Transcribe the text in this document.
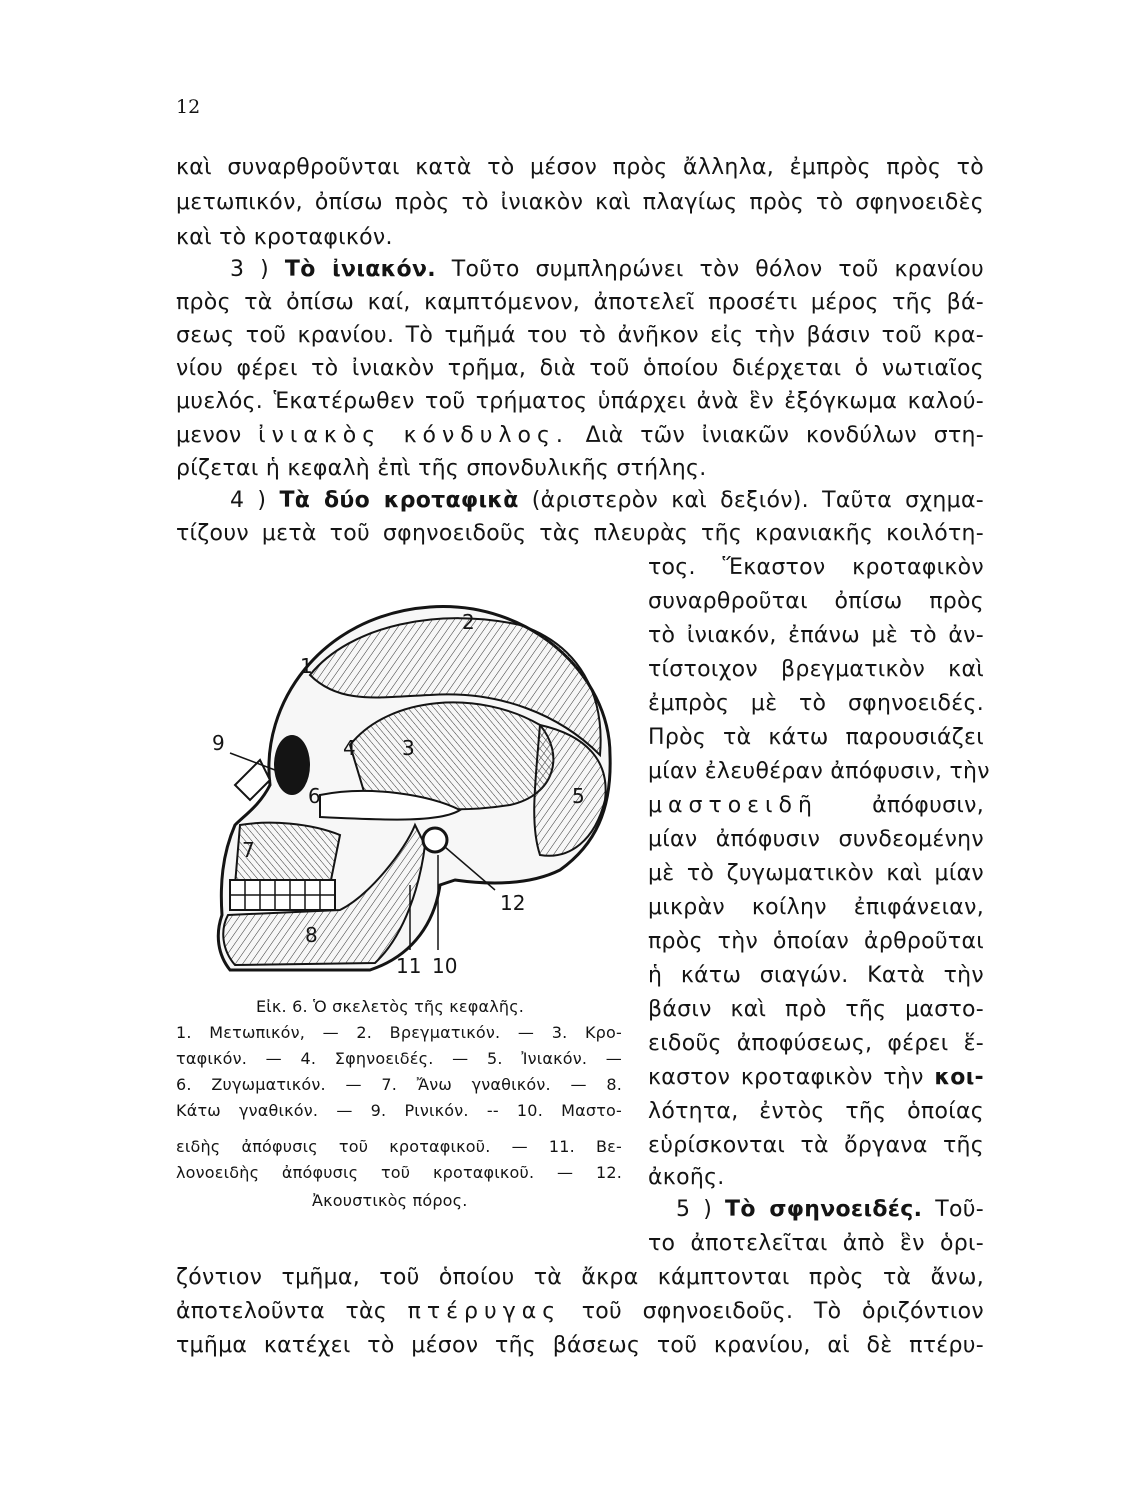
12
καὶ συναρθροῦνται κατὰ τὸ μέσον πρὸς ἄλληλα, ἐμπρὸς πρὸς τὸ
μετωπικόν, ὀπίσω πρὸς τὸ ἰνιακὸν καὶ πλαγίως πρὸς τὸ σφηνοειδὲς
καὶ τὸ κροταφικόν.
3 ) Τὸ ἰνιακόν. Τοῦτο συμπληρώνει τὸν θόλον τοῦ κρανίου
πρὸς τὰ ὀπίσω καί, καμπτόμενον, ἀποτελεῖ προσέτι μέρος τῆς βά-
σεως τοῦ κρανίου. Τὸ τμῆμά του τὸ ἀνῆκον εἰς τὴν βάσιν τοῦ κρα-
νίου φέρει τὸ ἰνιακὸν τρῆμα, διὰ τοῦ ὁποίου διέρχεται ὁ νωτιαῖος
μυελός. Ἑκατέρωθεν τοῦ τρήματος ὑπάρχει ἀνὰ ἓν ἐξόγκωμα καλού-
μενον ἰνιακὸς κόνδυλος. Διὰ τῶν ἰνιακῶν κονδύλων στη-
ρίζεται ἡ κεφαλὴ ἐπὶ τῆς σπονδυλικῆς στήλης.
4 ) Τὰ δύο κροταφικὰ (ἀριστερὸν καὶ δεξιόν). Ταῦτα σχημα-
τίζουν μετὰ τοῦ σφηνοειδοῦς τὰς πλευρὰς τῆς κρανιακῆς κοιλότη-
τος. Ἕκαστον κροταφικὸν
συναρθροῦται ὀπίσω πρὸς
τὸ ἰνιακόν, ἐπάνω μὲ τὸ ἀν-
τίστοιχον βρεγματικὸν καὶ
ἐμπρὸς μὲ τὸ σφηνοειδές.
Πρὸς τὰ κάτω παρουσιάζει
μίαν ἐλευθέραν ἀπόφυσιν, τὴν
μαστοειδῆ ἀπόφυσιν,
μίαν ἀπόφυσιν συνδεομένην
μὲ τὸ ζυγωματικὸν καὶ μίαν
μικρὰν κοίλην ἐπιφάνειαν,
πρὸς τὴν ὁποίαν ἀρθροῦται
ἡ κάτω σιαγών. Κατὰ τὴν
βάσιν καὶ πρὸ τῆς μαστο-
ειδοῦς ἀποφύσεως, φέρει ἕ-
καστον κροταφικὸν τὴν κοι-
λότητα, ἐντὸς τῆς ὁποίας
εὑρίσκονται τὰ ὄργανα τῆς
ἀκοῆς.
5 ) Τὸ σφηνοειδές. Τοῦ-
το ἀποτελεῖται ἀπὸ ἓν ὁρι-
ζόντιον τμῆμα, τοῦ ὁποίου τὰ ἄκρα κάμπτονται πρὸς τὰ ἄνω,
ἀποτελοῦντα τὰς πτέρυγας τοῦ σφηνοειδοῦς. Τὸ ὁριζόντιον
τμῆμα κατέχει τὸ μέσον τῆς βάσεως τοῦ κρανίου, αἱ δὲ πτέρυ-
1
2
3
4
5
6
7
8
9
10
11
12
Εἰκ. 6. Ὁ σκελετὸς τῆς κεφαλῆς.
1. Μετωπικόν, — 2. Βρεγματικόν. — 3. Κρο-
ταφικόν. — 4. Σφηνοειδές. — 5. Ἰνιακόν. —
6. Ζυγωματικόν. — 7. Ἄνω γναθικόν. — 8.
Κάτω γναθικόν. — 9. Ρινικόν. -- 10. Μαστο-
ειδὴς ἀπόφυσις τοῦ κροταφικοῦ. — 11. Βε-
λονοειδὴς ἀπόφυσις τοῦ κροταφικοῦ. — 12.
Ἀκουστικὸς πόρος.
